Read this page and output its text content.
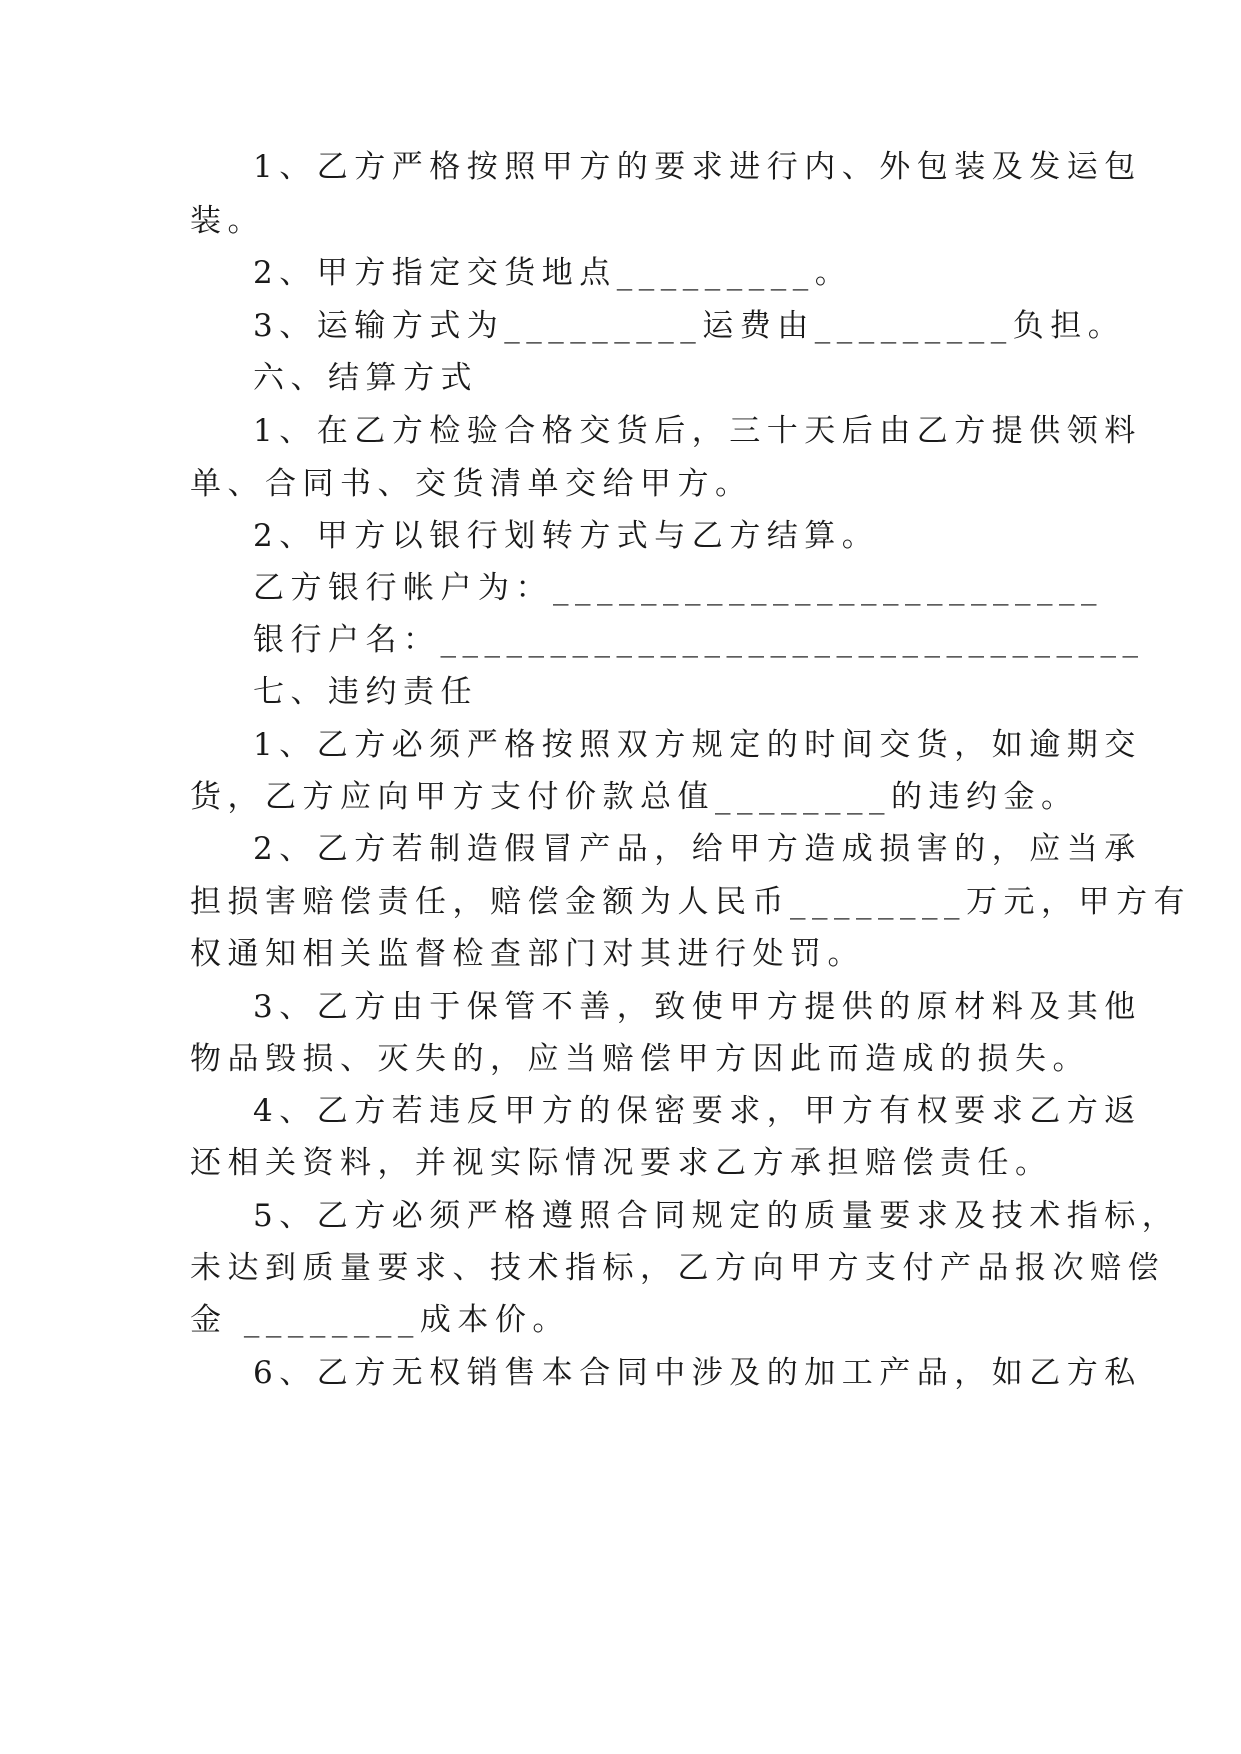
1、乙方严格按照甲方的要求进行内、外包装及发运包
装。
2、甲方指定交货地点_________。
3、运输方式为_________运费由_________负担。
六、结算方式
1、在乙方检验合格交货后，三十天后由乙方提供领料
单、合同书、交货清单交给甲方。
2、甲方以银行划转方式与乙方结算。
乙方银行帐户为：_________________________
银行户名：________________________________
七、违约责任
1、乙方必须严格按照双方规定的时间交货，如逾期交
货，乙方应向甲方支付价款总值________的违约金。
2、乙方若制造假冒产品，给甲方造成损害的，应当承
担损害赔偿责任，赔偿金额为人民币________万元，甲方有
权通知相关监督检查部门对其进行处罚。
3、乙方由于保管不善，致使甲方提供的原材料及其他
物品毁损、灭失的，应当赔偿甲方因此而造成的损失。
4、乙方若违反甲方的保密要求，甲方有权要求乙方返
还相关资料，并视实际情况要求乙方承担赔偿责任。
5、乙方必须严格遵照合同规定的质量要求及技术指标，
未达到质量要求、技术指标，乙方向甲方支付产品报次赔偿
金 ________成本价。
6、乙方无权销售本合同中涉及的加工产品，如乙方私
